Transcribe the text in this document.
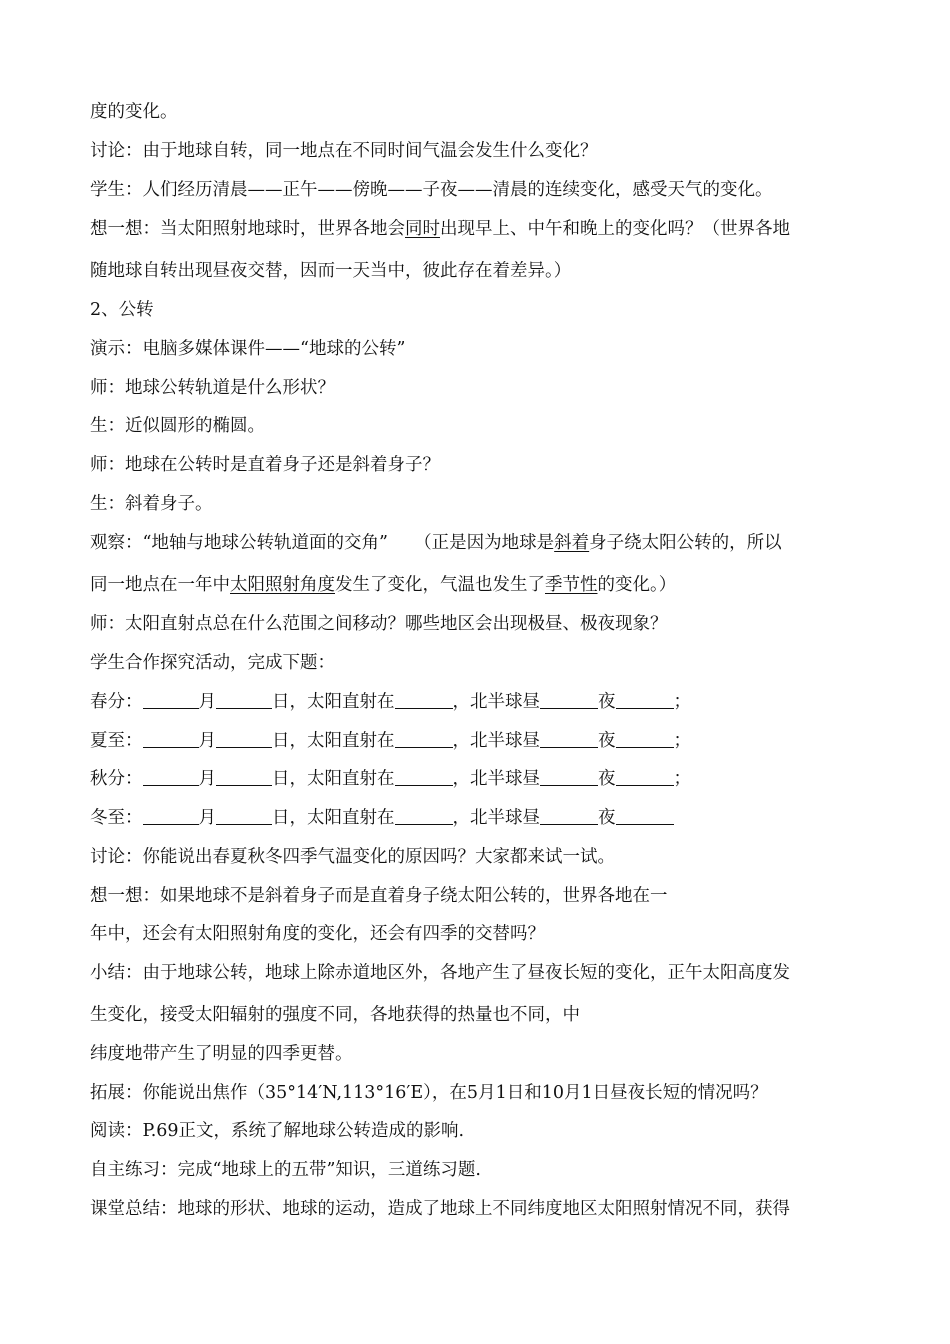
度的变化。
讨论：由于地球自转，同一地点在不同时间气温会发生什么变化？
学生：人们经历清晨——正午——傍晚——子夜——清晨的连续变化，感受天气的变化。
想一想：当太阳照射地球时，世界各地会同时出现早上、中午和晚上的变化吗？（世界各地
随地球自转出现昼夜交替，因而一天当中，彼此存在着差异。）
2、公转
演示：电脑多媒体课件——“地球的公转”
师：地球公转轨道是什么形状？
生：近似圆形的椭圆。
师：地球在公转时是直着身子还是斜着身子？
生：斜着身子。
观察：“地轴与地球公转轨道面的交角”　　（正是因为地球是斜着身子绕太阳公转的，所以
同一地点在一年中太阳照射角度发生了变化，气温也发生了季节性的变化。）
师：太阳直射点总在什么范围之间移动？哪些地区会出现极昼、极夜现象？
学生合作探究活动，完成下题：
春分：	月	日，太阳直射在	，北半球昼	夜	；
夏至：	月	日，太阳直射在	，北半球昼	夜	；
秋分：	月	日，太阳直射在	，北半球昼	夜	；
冬至：	月	日，太阳直射在	，北半球昼	夜
讨论：你能说出春夏秋冬四季气温变化的原因吗？大家都来试一试。
想一想：如果地球不是斜着身子而是直着身子绕太阳公转的，世界各地在一
年中，还会有太阳照射角度的变化，还会有四季的交替吗？
小结：由于地球公转，地球上除赤道地区外，各地产生了昼夜长短的变化，正午太阳高度发
生变化，接受太阳辐射的强度不同，各地获得的热量也不同，中
纬度地带产生了明显的四季更替。
拓展：你能说出焦作（35°14′N,113°16′E），在5月1日和10月1日昼夜长短的情况吗？
阅读：P.69正文，系统了解地球公转造成的影响.
自主练习：完成“地球上的五带”知识，三道练习题.
课堂总结：地球的形状、地球的运动，造成了地球上不同纬度地区太阳照射情况不同，获得
